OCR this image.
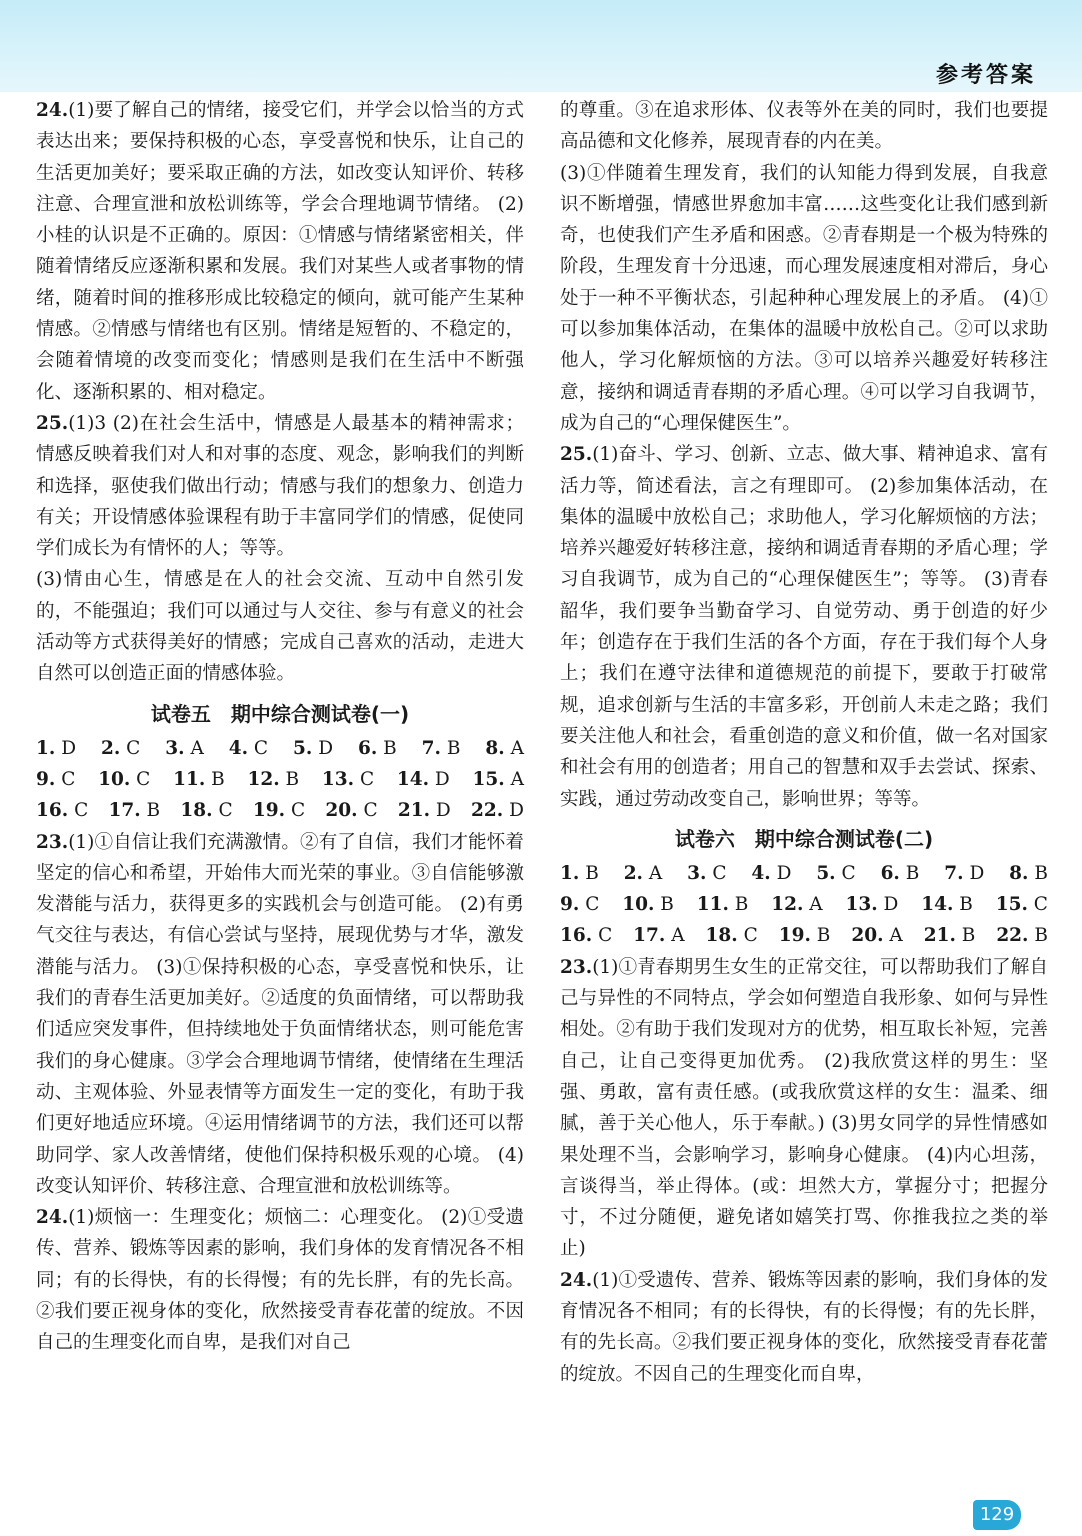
参考答案

24.(1)要了解自己的情绪，接受它们，并学会以恰当的方式表达出来；要保持积极的心态，享受喜悦和快乐，让自己的生活更加美好；要采取正确的方法，如改变认知评价、转移注意、合理宣泄和放松训练等，学会合理地调节情绪。 (2)小桂的认识是不正确的。原因：①情感与情绪紧密相关，伴随着情绪反应逐渐积累和发展。我们对某些人或者事物的情绪，随着时间的推移形成比较稳定的倾向，就可能产生某种情感。②情感与情绪也有区别。情绪是短暂的、不稳定的，会随着情境的改变而变化；情感则是我们在生活中不断强化、逐渐积累的、相对稳定。

25.(1)3 (2)在社会生活中，情感是人最基本的精神需求；情感反映着我们对人和对事的态度、观念，影响我们的判断和选择，驱使我们做出行动；情感与我们的想象力、创造力有关；开设情感体验课程有助于丰富同学们的情感，促使同学们成长为有情怀的人；等等。

(3)情由心生，情感是在人的社会交流、互动中自然引发的，不能强迫；我们可以通过与人交往、参与有意义的社会活动等方式获得美好的情感；完成自己喜欢的活动，走进大自然可以创造正面的情感体验。

试卷五　期中综合测试卷(一)
1. D 2. C 3. A 4. C 5. D 6. B 7. B 8. A
9. C 10. C 11. B 12. B 13. C 14. D 15. A
16. C 17. B 18. C 19. C 20. C 21. D 22. D

23.(1)①自信让我们充满激情。②有了自信，我们才能怀着坚定的信心和希望，开始伟大而光荣的事业。③自信能够激发潜能与活力，获得更多的实践机会与创造可能。 (2)有勇气交往与表达，有信心尝试与坚持，展现优势与才华，激发潜能与活力。 (3)①保持积极的心态，享受喜悦和快乐，让我们的青春生活更加美好。②适度的负面情绪，可以帮助我们适应突发事件，但持续地处于负面情绪状态，则可能危害我们的身心健康。③学会合理地调节情绪，使情绪在生理活动、主观体验、外显表情等方面发生一定的变化，有助于我们更好地适应环境。④运用情绪调节的方法，我们还可以帮助同学、家人改善情绪，使他们保持积极乐观的心境。 (4)改变认知评价、转移注意、合理宣泄和放松训练等。

24.(1)烦恼一：生理变化；烦恼二：心理变化。 (2)①受遗传、营养、锻炼等因素的影响，我们身体的发育情况各不相同；有的长得快，有的长得慢；有的先长胖，有的先长高。②我们要正视身体的变化，欣然接受青春花蕾的绽放。不因自己的生理变化而自卑，是我们对自己

的尊重。③在追求形体、仪表等外在美的同时，我们也要提高品德和文化修养，展现青春的内在美。

(3)①伴随着生理发育，我们的认知能力得到发展，自我意识不断增强，情感世界愈加丰富……这些变化让我们感到新奇，也使我们产生矛盾和困惑。②青春期是一个极为特殊的阶段，生理发育十分迅速，而心理发展速度相对滞后，身心处于一种不平衡状态，引起种种心理发展上的矛盾。 (4)①可以参加集体活动，在集体的温暖中放松自己。②可以求助他人，学习化解烦恼的方法。③可以培养兴趣爱好转移注意，接纳和调适青春期的矛盾心理。④可以学习自我调节，成为自己的“心理保健医生”。

25.(1)奋斗、学习、创新、立志、做大事、精神追求、富有活力等，简述看法，言之有理即可。 (2)参加集体活动，在集体的温暖中放松自己；求助他人，学习化解烦恼的方法；培养兴趣爱好转移注意，接纳和调适青春期的矛盾心理；学习自我调节，成为自己的“心理保健医生”；等等。 (3)青春韶华，我们要争当勤奋学习、自觉劳动、勇于创造的好少年；创造存在于我们生活的各个方面，存在于我们每个人身上；我们在遵守法律和道德规范的前提下，要敢于打破常规，追求创新与生活的丰富多彩，开创前人未走之路；我们要关注他人和社会，看重创造的意义和价值，做一名对国家和社会有用的创造者；用自己的智慧和双手去尝试、探索、实践，通过劳动改变自己，影响世界；等等。

试卷六　期中综合测试卷(二)
1. B 2. A 3. C 4. D 5. C 6. B 7. D 8. B
9. C 10. B 11. B 12. A 13. D 14. B 15. C
16. C 17. A 18. C 19. B 20. A 21. B 22. B

23.(1)①青春期男生女生的正常交往，可以帮助我们了解自己与异性的不同特点，学会如何塑造自我形象、如何与异性相处。②有助于我们发现对方的优势，相互取长补短，完善自己，让自己变得更加优秀。 (2)我欣赏这样的男生：坚强、勇敢，富有责任感。(或我欣赏这样的女生：温柔、细腻，善于关心他人，乐于奉献。) (3)男女同学的异性情感如果处理不当，会影响学习，影响身心健康。 (4)内心坦荡，言谈得当，举止得体。(或：坦然大方，掌握分寸；把握分寸，不过分随便，避免诸如嬉笑打骂、你推我拉之类的举止)

24.(1)①受遗传、营养、锻炼等因素的影响，我们身体的发育情况各不相同；有的长得快，有的长得慢；有的先长胖，有的先长高。②我们要正视身体的变化，欣然接受青春花蕾的绽放。不因自己的生理变化而自卑，

129
